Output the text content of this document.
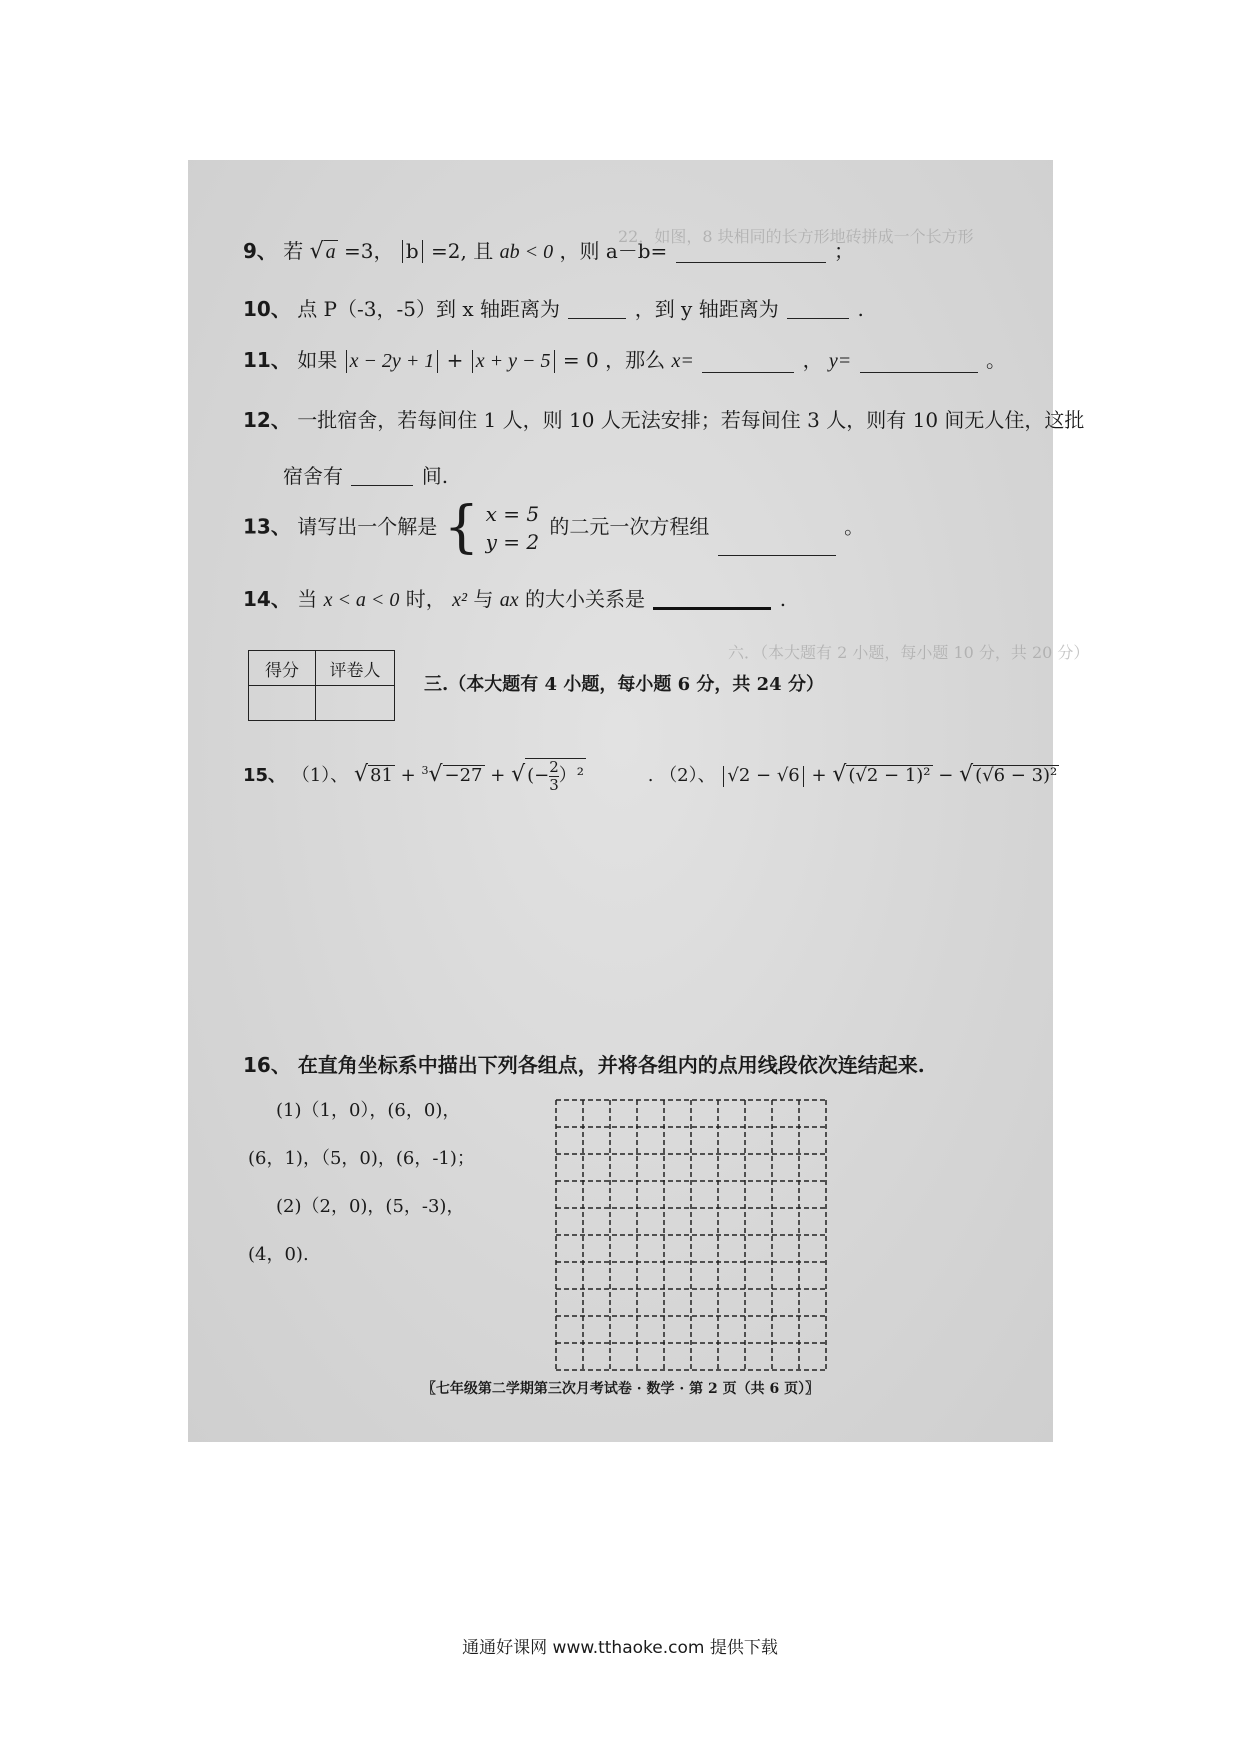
22．如图，8 块相同的长方形地砖拼成一个长方形
六．（本大题有 2 小题，每小题 10 分，共 20 分）
9、 若 √ a =3， b =2, 且 ab < 0 ，则 a－b=	；
10、 点 P（-3，-5）到 x 轴距离为	，到 y 轴距离为	.
11、 如果 x − 2y + 1 + x + y − 5 = 0 ，那么 x=	， y=	。
12、 一批宿舍，若每间住 1 人，则 10 人无法安排；若每间住 3 人，则有 10 间无人住，这批
宿舍有	间.
13、 请写出一个解是 { x = 5
y = 2 的二元一次方程组	。
14、 当 x < a < 0 时， x² 与 ax 的大小关系是	.
得分	评卷人

三.（本大题有 4 小题，每小题 6 分，共 24 分）
15、 （1）、 √ 81 + $^3$√ −27 + √ (− $\frac{2}{3} )^2$	. （2）、 √2 − √6 + √ (√2 − 1)² − √ (√6 − 3)²
16、 在直角坐标系中描出下列各组点，并将各组内的点用线段依次连结起来.
(1)（1，0），(6，0)，
(6，1)，（5，0)，(6，-1)；
(2)（2，0)，(5，-3)，
(4，0).
〖七年级第二学期第三次月考试卷 · 数学 · 第 2 页（共 6 页）〗
通通好课网 www.tthaoke.com 提供下载
